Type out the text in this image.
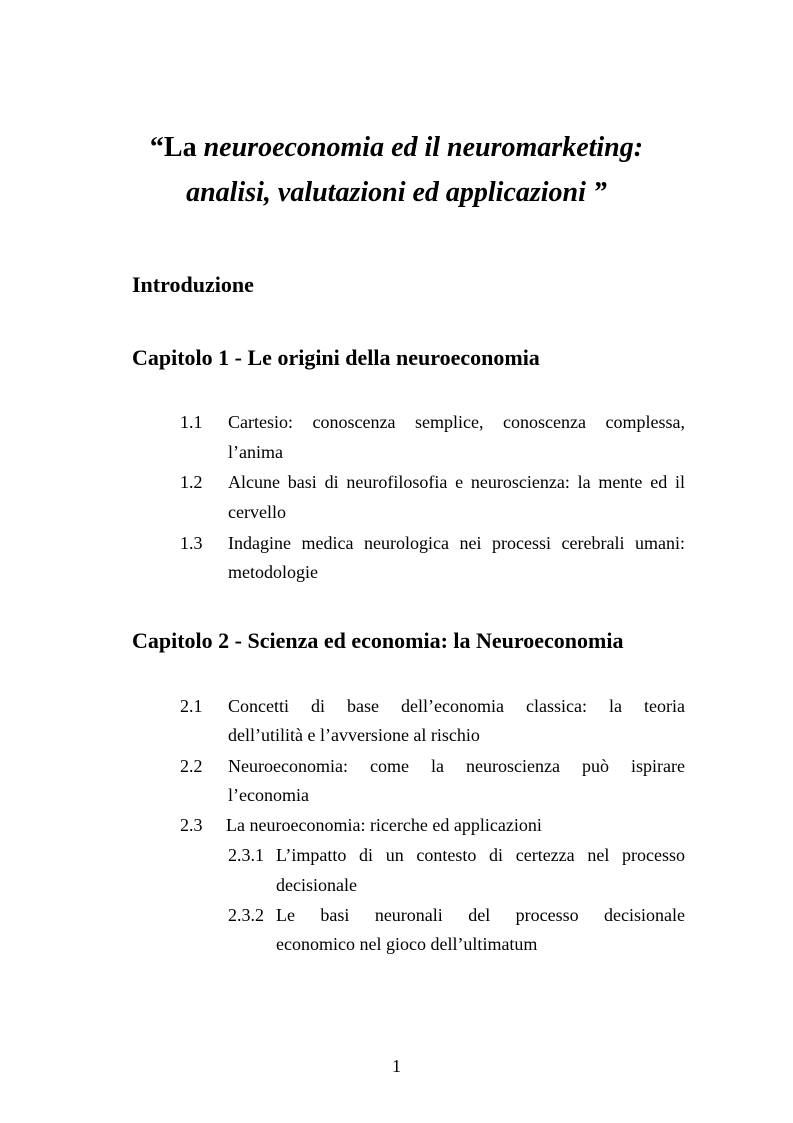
“La neuroeconomia ed il neuromarketing:
analisi, valutazioni ed applicazioni ”
Introduzione
Capitolo 1 - Le origini della neuroeconomia
1.1 Cartesio: conoscenza semplice, conoscenza complessa,
l’anima
1.2 Alcune basi di neurofilosofia e neuroscienza: la mente ed il
cervello
1.3 Indagine medica neurologica nei processi cerebrali umani:
metodologie
Capitolo 2 - Scienza ed economia: la Neuroeconomia
2.1 Concetti di base dell’economia classica: la teoria
dell’utilità e l’avversione al rischio
2.2 Neuroeconomia: come la neuroscienza può ispirare
l’economia
2.3 La neuroeconomia: ricerche ed applicazioni
2.3.1 L’impatto di un contesto di certezza nel processo
decisionale
2.3.2 Le basi neuronali del processo decisionale
economico nel gioco dell’ultimatum
1
